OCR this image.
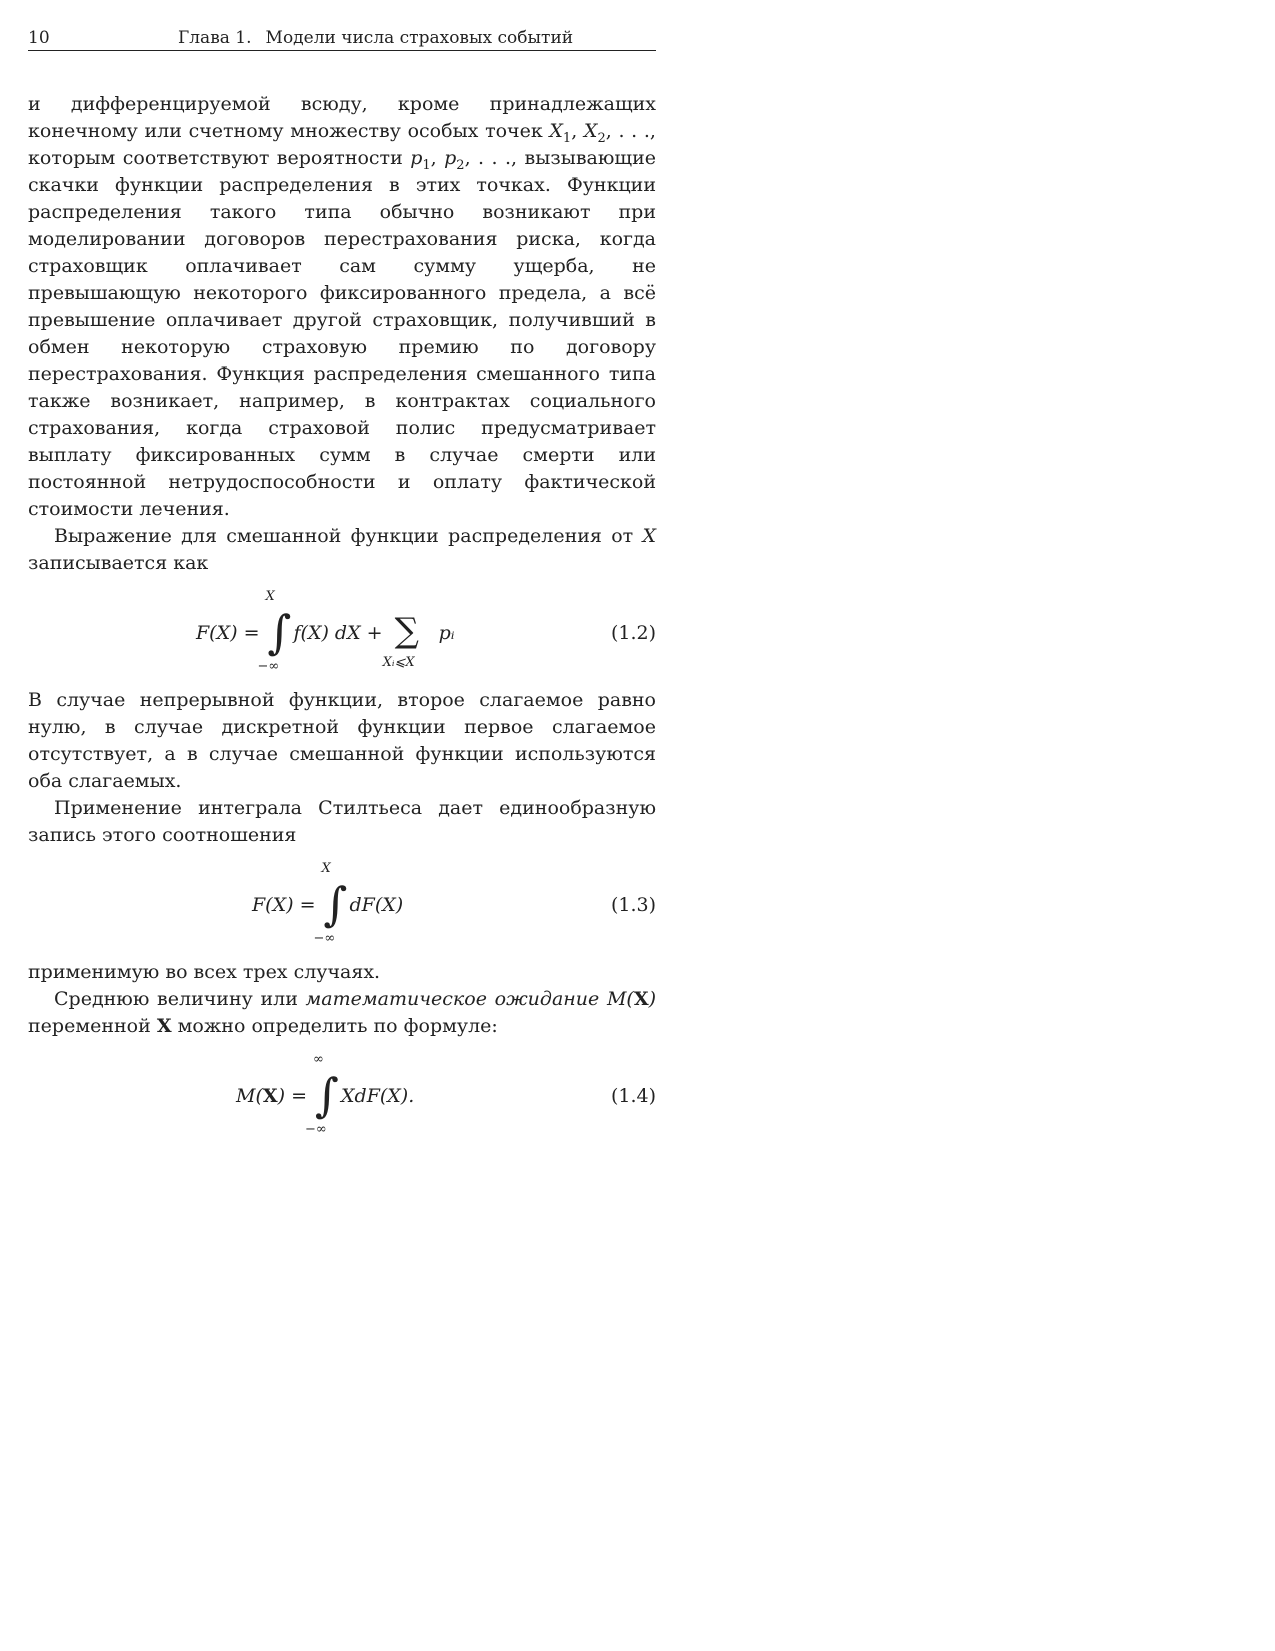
10	Глава 1. Модели числа страховых событий

и дифференцируемой всюду, кроме принадлежащих конечному или счетному множеству особых точек $X_1$, $X_2$, . . ., которым соответствуют вероятности $p_1$, $p_2$, . . ., вызывающие скачки функции распределения в этих точках. Функции распределения такого типа обычно возникают при моделировании договоров перестрахования риска, когда страховщик оплачивает сам сумму ущерба, не превышающую некоторого фиксированного предела, а всё превышение оплачивает другой страховщик, получивший в обмен некоторую страховую премию по договору перестрахования. Функция распределения смешанного типа также возникает, например, в контрактах социального страхования, когда страховой полис предусматривает выплату фиксированных сумм в случае смерти или постоянной нетрудоспособности и оплату фактической стоимости лечения.

Выражение для смешанной функции распределения от X записывается как

F(X) =
X
∫
−∞
f(X) dX + ∑
Xᵢ⩽X
pᵢ	(1.2)

В случае непрерывной функции, второе слагаемое равно нулю, в случае дискретной функции первое слагаемое отсутствует, а в случае смешанной функции используются оба слагаемых.

Применение интеграла Стилтьеса дает единообразную запись этого соотношения

F(X) =
X
∫
−∞
dF(X)	(1.3)

применимую во всех трех случаях.

Среднюю величину или математическое ожидание M(X) переменной X можно определить по формуле:

M( X ) =
∞
∫
−∞
XdF(X).	(1.4)
